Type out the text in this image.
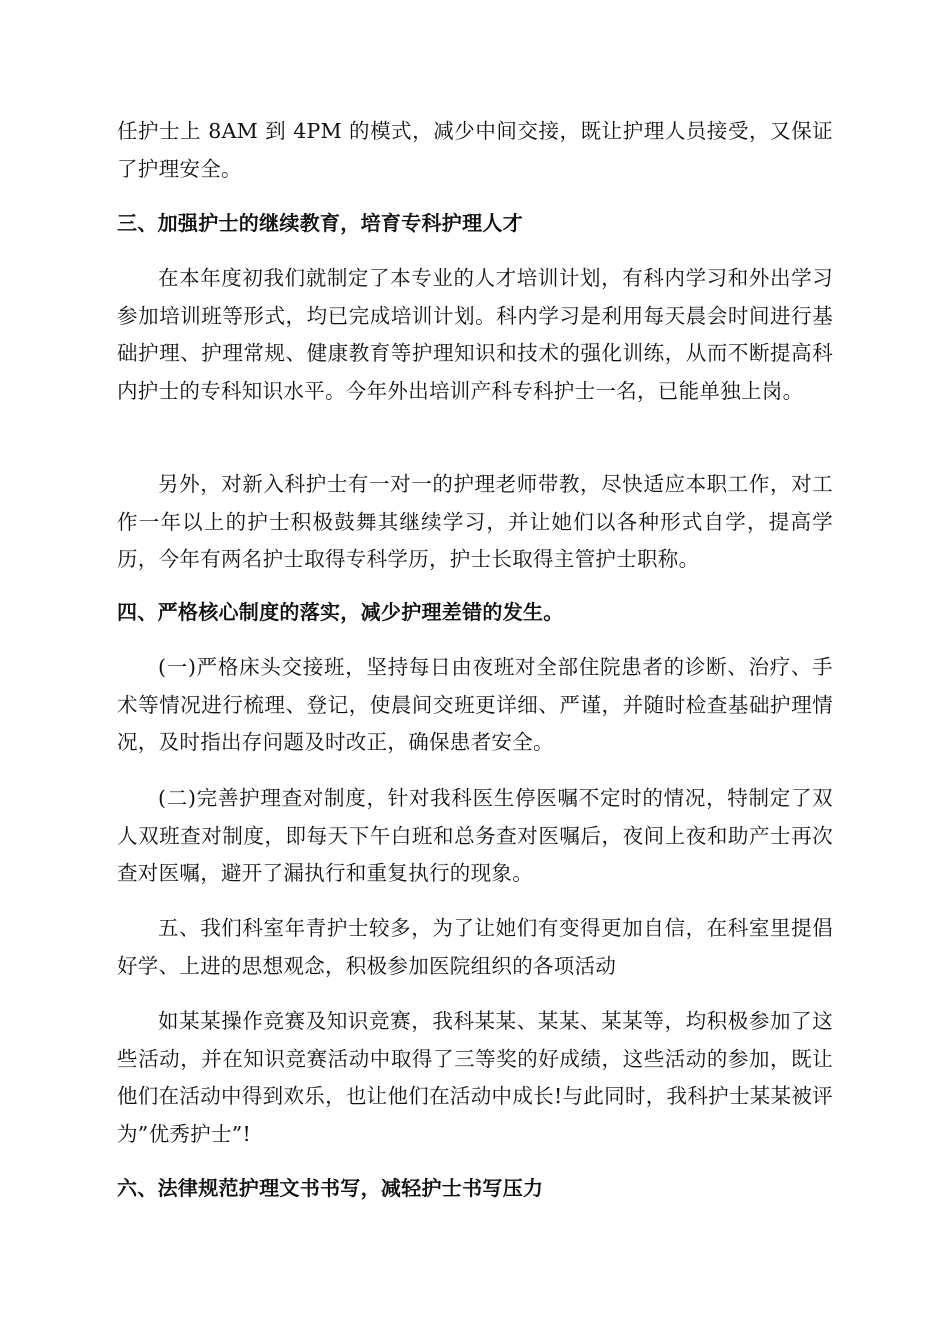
任护士上 8AM 到 4PM 的模式，减少中间交接，既让护理人员接受，又保证了护理安全。

三、加强护士的继续教育，培育专科护理人才

在本年度初我们就制定了本专业的人才培训计划，有科内学习和外出学习参加培训班等形式，均已完成培训计划。科内学习是利用每天晨会时间进行基础护理、护理常规、健康教育等护理知识和技术的强化训练，从而不断提高科内护士的专科知识水平。今年外出培训产科专科护士一名，已能单独上岗。

另外，对新入科护士有一对一的护理老师带教，尽快适应本职工作，对工作一年以上的护士积极鼓舞其继续学习，并让她们以各种形式自学，提高学历，今年有两名护士取得专科学历，护士长取得主管护士职称。

四、严格核心制度的落实，减少护理差错的发生。

(一)严格床头交接班，坚持每日由夜班对全部住院患者的诊断、治疗、手术等情况进行梳理、登记，使晨间交班更详细、严谨，并随时检查基础护理情况，及时指出存问题及时改正，确保患者安全。

(二)完善护理查对制度，针对我科医生停医嘱不定时的情况，特制定了双人双班查对制度，即每天下午白班和总务查对医嘱后，夜间上夜和助产士再次查对医嘱，避开了漏执行和重复执行的现象。

五、我们科室年青护士较多，为了让她们有变得更加自信，在科室里提倡好学、上进的思想观念，积极参加医院组织的各项活动

如某某操作竞赛及知识竞赛，我科某某、某某、某某等，均积极参加了这些活动，并在知识竞赛活动中取得了三等奖的好成绩，这些活动的参加，既让他们在活动中得到欢乐，也让他们在活动中成长!与此同时，我科护士某某被评为”优秀护士”!

六、法律规范护理文书书写，减轻护士书写压力
